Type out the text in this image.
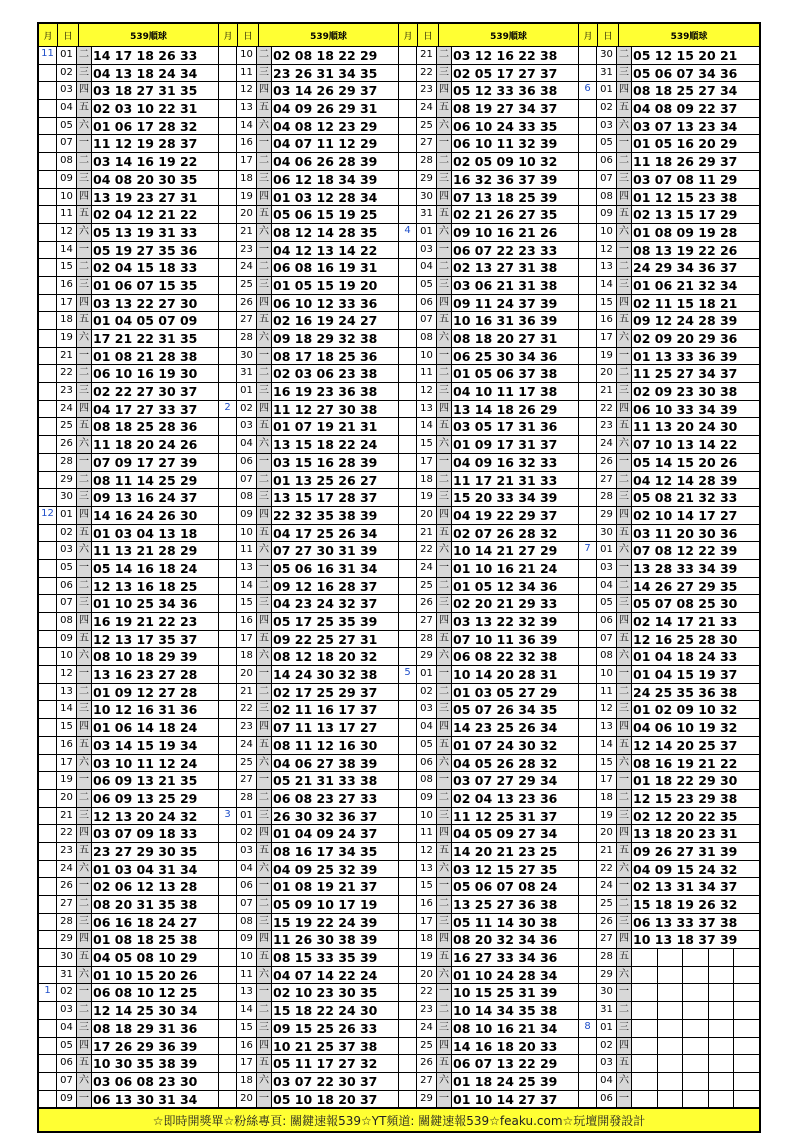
月	日	539順球
11 01 二 14 17 18 26 33
02 三 04 13 18 24 34
03 四 03 18 27 31 35
04 五 02 03 10 22 31
05 六 01 06 17 28 32
07 一 11 12 19 28 37
08 二 03 14 16 19 22
09 三 04 08 20 30 35
10 四 13 19 23 27 31
11 五 02 04 12 21 22
12 六 05 13 19 31 33
14 一 05 19 27 35 36
15 二 02 04 15 18 33
16 三 01 06 07 15 35
17 四 03 13 22 27 30
18 五 01 04 05 07 09
19 六 17 21 22 31 35
21 一 01 08 21 28 38
22 二 06 10 16 19 30
23 三 02 22 27 30 37
24 四 04 17 27 33 37
25 五 08 18 25 28 36
26 六 11 18 20 24 26
28 一 07 09 17 27 39
29 二 08 11 14 25 29
30 三 09 13 16 24 37
12 01 四 14 16 24 26 30
02 五 01 03 04 13 18
03 六 11 13 21 28 29
05 一 05 14 16 18 24
06 二 12 13 16 18 25
07 三 01 10 25 34 36
08 四 16 19 21 22 23
09 五 12 13 17 35 37
10 六 08 10 18 29 39
12 一 13 16 23 27 28
13 二 01 09 12 27 28
14 三 10 12 16 31 36
15 四 01 06 14 18 24
16 五 03 14 15 19 34
17 六 03 10 11 12 24
19 一 06 09 13 21 35
20 二 06 09 13 25 29
21 三 12 13 20 24 32
22 四 03 07 09 18 33
23 五 23 27 29 30 35
24 六 01 03 04 31 34
26 一 02 06 12 13 28
27 二 08 20 31 35 38
28 三 06 16 18 24 27
29 四 01 08 18 25 38
30 五 04 05 08 10 29
31 六 01 10 15 20 26
1 02 一 06 08 10 12 25
03 二 12 14 25 30 34
04 三 08 18 29 31 36
05 四 17 26 29 36 39
06 五 10 30 35 38 39
07 六 03 06 08 23 30
09 一 06 13 30 31 34
月	日	539順球
10 二 02 08 18 22 29
11 三 23 26 31 34 35
12 四 03 14 26 29 37
13 五 04 09 26 29 31
14 六 04 08 12 23 29
16 一 04 07 11 12 29
17 二 04 06 26 28 39
18 三 06 12 18 34 39
19 四 01 03 12 28 34
20 五 05 06 15 19 25
21 六 08 12 14 28 35
23 一 04 12 13 14 22
24 二 06 08 16 19 31
25 三 01 05 15 19 20
26 四 06 10 12 33 36
27 五 02 16 19 24 27
28 六 09 18 29 32 38
30 一 08 17 18 25 36
31 二 02 03 06 23 38
01 三 16 19 23 36 38
2 02 四 11 12 27 30 38
03 五 01 07 19 21 31
04 六 13 15 18 22 24
06 一 03 15 16 28 39
07 二 01 13 25 26 27
08 三 13 15 17 28 37
09 四 22 32 35 38 39
10 五 04 17 25 26 34
11 六 07 27 30 31 39
13 一 05 06 16 31 34
14 二 09 12 16 28 37
15 三 04 23 24 32 37
16 四 05 17 25 35 39
17 五 09 22 25 27 31
18 六 08 12 18 20 32
20 一 14 24 30 32 38
21 二 02 17 25 29 37
22 三 02 11 16 17 37
23 四 07 11 13 17 27
24 五 08 11 12 16 30
25 六 04 06 27 38 39
27 一 05 21 31 33 38
28 二 06 08 23 27 33
3 01 三 26 30 32 36 37
02 四 01 04 09 24 37
03 五 08 16 17 34 35
04 六 04 09 25 32 39
06 一 01 08 19 21 37
07 二 05 09 10 17 19
08 三 15 19 22 24 39
09 四 11 26 30 38 39
10 五 08 15 33 35 39
11 六 04 07 14 22 24
13 一 02 10 23 30 35
14 二 15 18 22 24 30
15 三 09 15 25 26 33
16 四 10 21 25 37 38
17 五 05 11 17 27 32
18 六 03 07 22 30 37
20 一 05 10 18 20 37
月	日	539順球
21 二 03 12 16 22 38
22 三 02 05 17 27 37
23 四 05 12 33 36 38
24 五 08 19 27 34 37
25 六 06 10 24 33 35
27 一 06 10 11 32 39
28 二 02 05 09 10 32
29 三 16 32 36 37 39
30 四 07 13 18 25 39
31 五 02 21 26 27 35
4 01 六 09 10 16 21 26
03 一 06 07 22 23 33
04 二 02 13 27 31 38
05 三 03 06 21 31 38
06 四 09 11 24 37 39
07 五 10 16 31 36 39
08 六 08 18 20 27 31
10 一 06 25 30 34 36
11 二 01 05 06 37 38
12 三 04 10 11 17 38
13 四 13 14 18 26 29
14 五 03 05 17 31 36
15 六 01 09 17 31 37
17 一 04 09 16 32 33
18 二 11 17 21 31 33
19 三 15 20 33 34 39
20 四 04 19 22 29 37
21 五 02 07 26 28 32
22 六 10 14 21 27 29
24 一 01 10 16 21 24
25 二 01 05 12 34 36
26 三 02 20 21 29 33
27 四 03 13 22 32 39
28 五 07 10 11 36 39
29 六 06 08 22 32 38
5 01 一 10 14 20 28 31
02 二 01 03 05 27 29
03 三 05 07 26 34 35
04 四 14 23 25 26 34
05 五 01 07 24 30 32
06 六 04 05 26 28 32
08 一 03 07 27 29 34
09 二 02 04 13 23 36
10 三 11 12 25 31 37
11 四 04 05 09 27 34
12 五 14 20 21 23 25
13 六 03 12 15 27 35
15 一 05 06 07 08 24
16 二 13 25 27 36 38
17 三 05 11 14 30 38
18 四 08 20 32 34 36
19 五 16 27 33 34 36
20 六 01 10 24 28 34
22 一 10 15 25 31 39
23 二 10 14 34 35 38
24 三 08 10 16 21 34
25 四 14 16 18 20 33
26 五 06 07 13 22 29
27 六 01 18 24 25 39
29 一 01 10 14 27 37
月	日	539順球
30 二 05 12 15 20 21
31 三 05 06 07 34 36
6 01 四 08 18 25 27 34
02 五 04 08 09 22 37
03 六 03 07 13 23 34
05 一 01 05 16 20 29
06 二 11 18 26 29 37
07 三 03 07 08 11 29
08 四 01 12 15 23 38
09 五 02 13 15 17 29
10 六 01 08 09 19 28
12 一 08 13 19 22 26
13 二 24 29 34 36 37
14 三 01 06 21 32 34
15 四 02 11 15 18 21
16 五 09 12 24 28 39
17 六 02 09 20 29 36
19 一 01 13 33 36 39
20 二 11 25 27 34 37
21 三 02 09 23 30 38
22 四 06 10 33 34 39
23 五 11 13 20 24 30
24 六 07 10 13 14 22
26 一 05 14 15 20 26
27 二 04 12 14 28 39
28 三 05 08 21 32 33
29 四 02 10 14 17 27
30 五 03 11 20 30 36
7 01 六 07 08 12 22 39
03 一 13 28 33 34 39
04 二 14 26 27 29 35
05 三 05 07 08 25 30
06 四 02 14 17 21 33
07 五 12 16 25 28 30
08 六 01 04 18 24 33
10 一 01 04 15 19 37
11 二 24 25 35 36 38
12 三 01 02 09 10 32
13 四 04 06 10 19 32
14 五 12 14 20 25 37
15 六 08 16 19 21 22
17 一 01 18 22 29 30
18 二 12 15 23 29 38
19 三 02 12 20 22 35
20 四 13 18 20 23 31
21 五 09 26 27 31 39
22 六 04 09 15 24 32
24 一 02 13 31 34 37
25 二 15 18 19 26 32
26 三 06 13 33 37 38
27 四 10 13 18 37 39
28 五
29 六
30 一
31 二
8 01 三
02 四
03 五
04 六
06 一
☆即時開獎單☆粉絲專頁: 關鍵速報539☆YT頻道: 關鍵速報539☆feaku.com☆玩壇開發設計
